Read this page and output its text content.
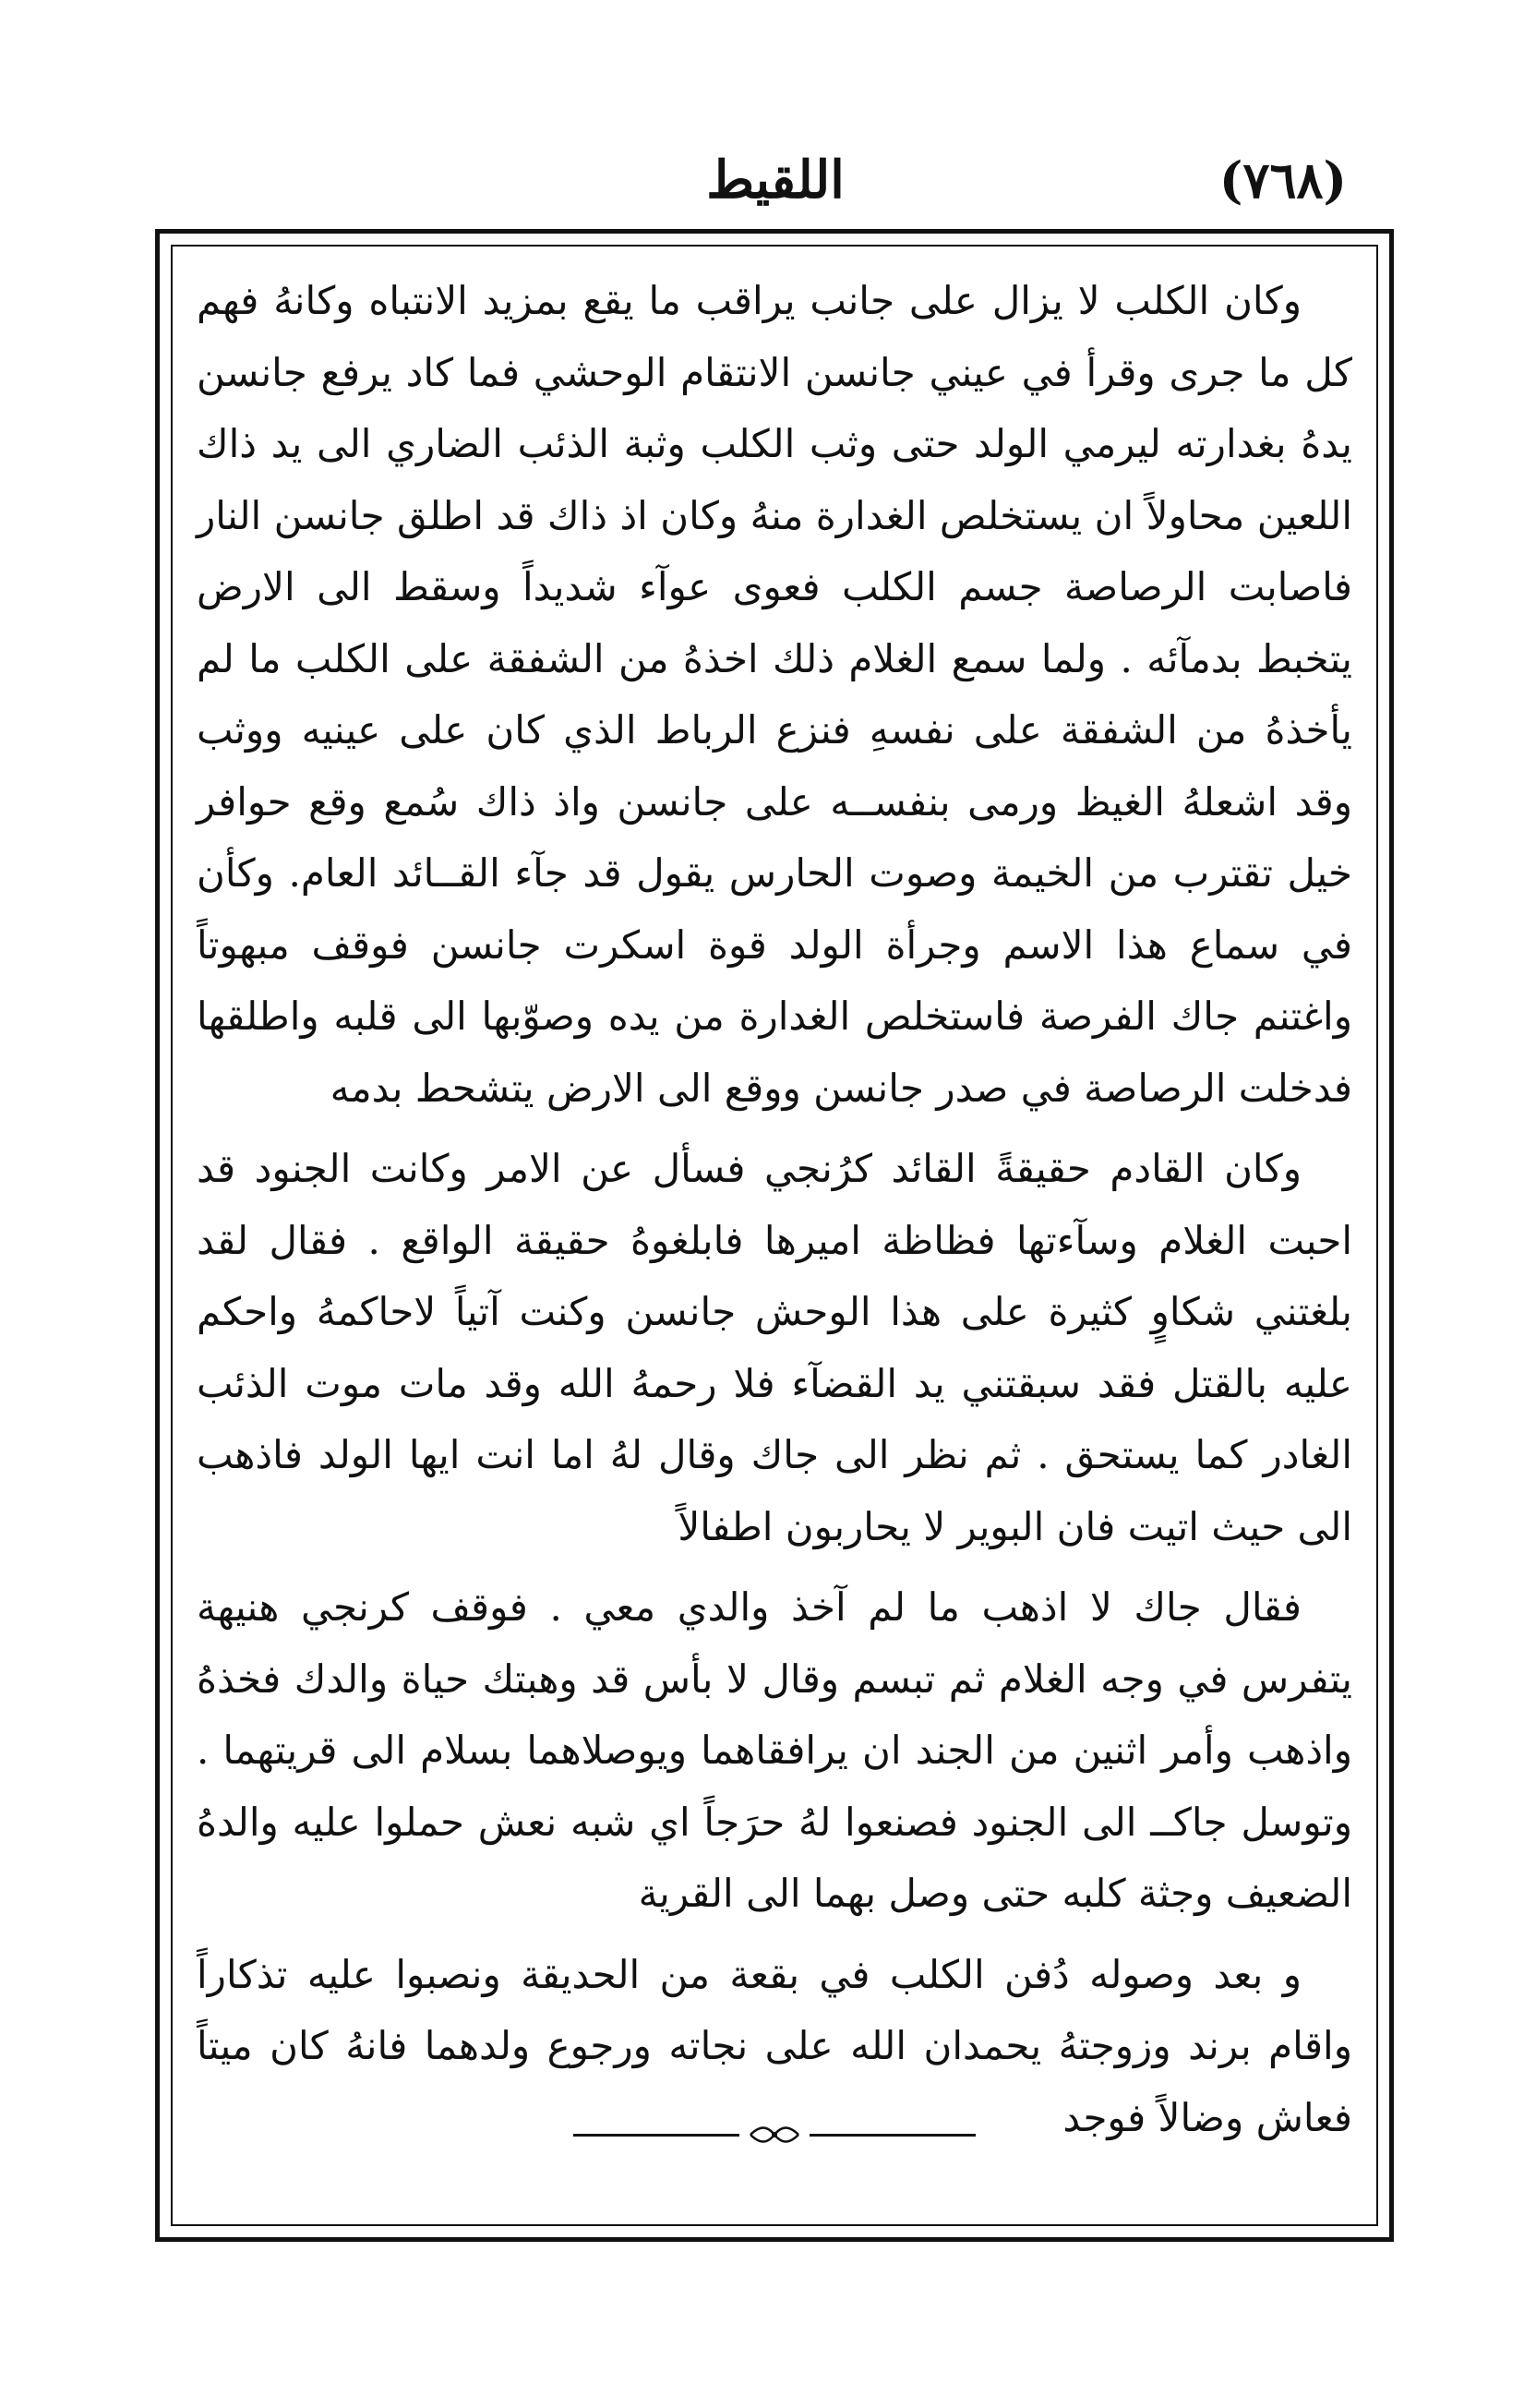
اللقيط	(٧٦٨)

وكان الكلب لا يزال على جانب يراقب ما يقع بمزيد الانتباه وكانهُ فهم كل ما جرى وقرأ في عيني جانسن الانتقام الوحشي فما كاد يرفع جانسن يدهُ بغدارته ليرمي الولد حتى وثب الكلب وثبة الذئب الضاري الى يد ذاك اللعين محاولاً ان يستخلص الغدارة منهُ وكان اذ ذاك قد اطلق جانسن النار فاصابت الرصاصة جسم الكلب فعوى عوآء شديداً وسقط الى الارض يتخبط بدمآئه . ولما سمع الغلام ذلك اخذهُ من الشفقة على الكلب ما لم يأخذهُ من الشفقة على نفسهِ فنزع الرباط الذي كان على عينيه ووثب وقد اشعلهُ الغيظ ورمى بنفســه على جانسن واذ ذاك سُمع وقع حوافر خيل تقترب من الخيمة وصوت الحارس يقول قد جآء القــائد العام. وكأن في سماع هذا الاسم وجرأة الولد قوة اسكرت جانسن فوقف مبهوتاً واغتنم جاك الفرصة فاستخلص الغدارة من يده وصوّبها الى قلبه واطلقها فدخلت الرصاصة في صدر جانسن ووقع الى الارض يتشحط بدمه

وكان القادم حقيقةً القائد كرُنجي فسأل عن الامر وكانت الجنود قد احبت الغلام وسآءتها فظاظة اميرها فابلغوهُ حقيقة الواقع . فقال لقد بلغتني شكاوٍ كثيرة على هذا الوحش جانسن وكنت آتياً لاحاكمهُ واحكم عليه بالقتل فقد سبقتني يد القضآء فلا رحمهُ الله وقد مات موت الذئب الغادر كما يستحق . ثم نظر الى جاك وقال لهُ اما انت ايها الولد فاذهب الى حيث اتيت فان البوير لا يحاربون اطفالاً

فقال جاك لا اذهب ما لم آخذ والدي معي . فوقف كرنجي هنيهة يتفرس في وجه الغلام ثم تبسم وقال لا بأس قد وهبتك حياة والدك فخذهُ واذهب وأمر اثنين من الجند ان يرافقاهما ويوصلاهما بسلام الى قريتهما . وتوسل جاكــ الى الجنود فصنعوا لهُ حرَجاً اي شبه نعش حملوا عليه والدهُ الضعيف وجثة كلبه حتى وصل بهما الى القرية

و بعد وصوله دُفن الكلب في بقعة من الحديقة ونصبوا عليه تذكاراً واقام برند وزوجتهُ يحمدان الله على نجاته ورجوع ولدهما فانهُ كان ميتاً فعاش وضالاً فوجد
